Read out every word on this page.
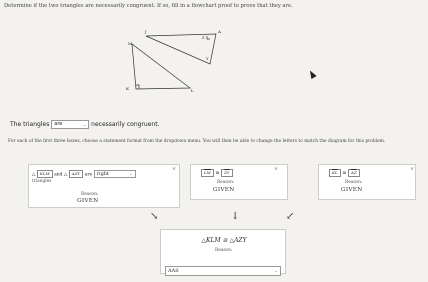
Determine if the two triangles are necessarily congruent. If so, fill in a flowchart proof to prove that they are.
J	A
M
Y
Z
K	L
The triangles are	⌄ necessarily congruent.
For each of the first three boxes, choose a statement format from the dropdown menu. You will then be able to change the letters to match the diagram for this problem.
△ KLM and △ AZY are right	⌄
triangles
Reason:
GIVEN
×
$\overline{LM}$ ≅ $\overline{ZY}$
Reason:
GIVEN
×
$\overline{KL}$ ≅ $\overline{AZ}$
Reason:
GIVEN
×
↘	↓	↙
△KLM ≅ △AZY
Reason:
AAS	⌄
